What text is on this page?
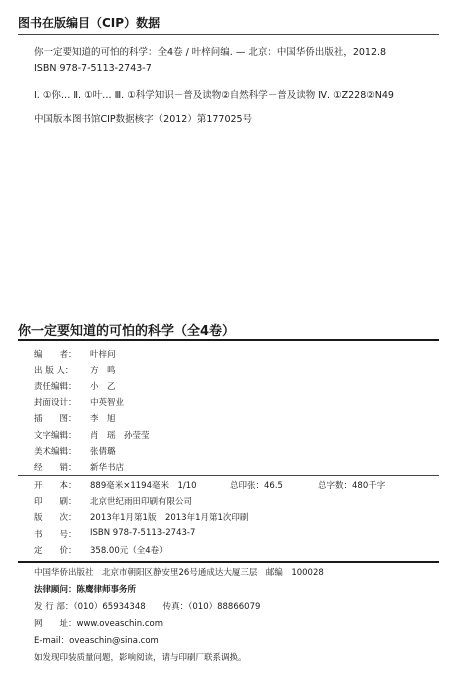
图书在版编目（CIP）数据
你一定要知道的可怕的科学：全4卷 / 叶梓问编. — 北京：中国华侨出版社，2012.8
ISBN 978-7-5113-2743-7
Ⅰ. ①你… Ⅱ. ①叶… Ⅲ. ①科学知识－普及读物②自然科学－普及读物 Ⅳ. ①Z228②N49
中国版本图书馆CIP数据核字（2012）第177025号
你一定要知道的可怕的科学（全4卷）
编　　者：	叶梓问
出 版 人：	方　鸣
责任编辑：	小　乙
封面设计：	中英智业
插　　图：	李　旭
文字编辑：	肖　瑶　孙莹莹
美术编辑：	张倩璐
经　　销：	新华书店
开　　本：	889毫米×1194毫米　1/10	总印张：46.5	总字数：480千字
印　　刷：	北京世纪雨田印刷有限公司
版　　次：	2013年1月第1版　2013年1月第1次印刷
书　　号：	ISBN 978-7-5113-2743-7
定　　价：	358.00元（全4卷）
中国华侨出版社　北京市朝阳区静安里26号通成达大厦三层　邮编　100028
法律顾问：陈鹰律师事务所
发 行 部：（010）65934348　　传真：（010）88866079
网　　址：www.oveaschin.com
E-mail：oveaschin@sina.com
如发现印装质量问题，影响阅读，请与印刷厂联系调换。
